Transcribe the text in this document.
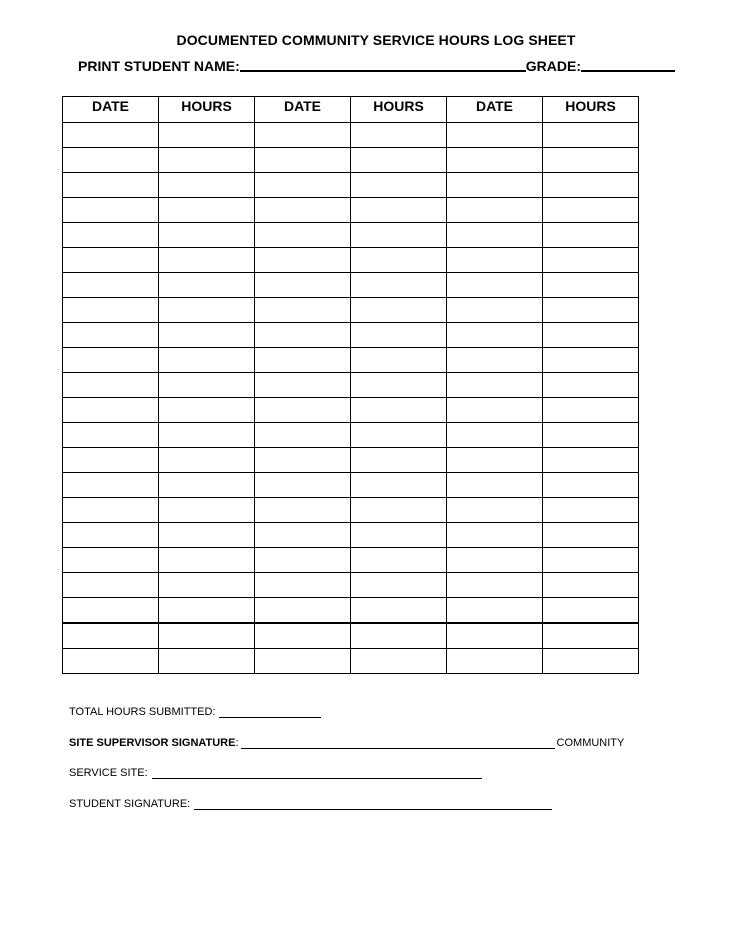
DOCUMENTED COMMUNITY SERVICE HOURS LOG SHEET
PRINT STUDENT NAME:	GRADE:
DATE	HOURS	DATE	HOURS	DATE	HOURS

TOTAL HOURS SUBMITTED:
SITE SUPERVISOR SIGNATURE :	COMMUNITY
SERVICE SITE:
STUDENT SIGNATURE:
